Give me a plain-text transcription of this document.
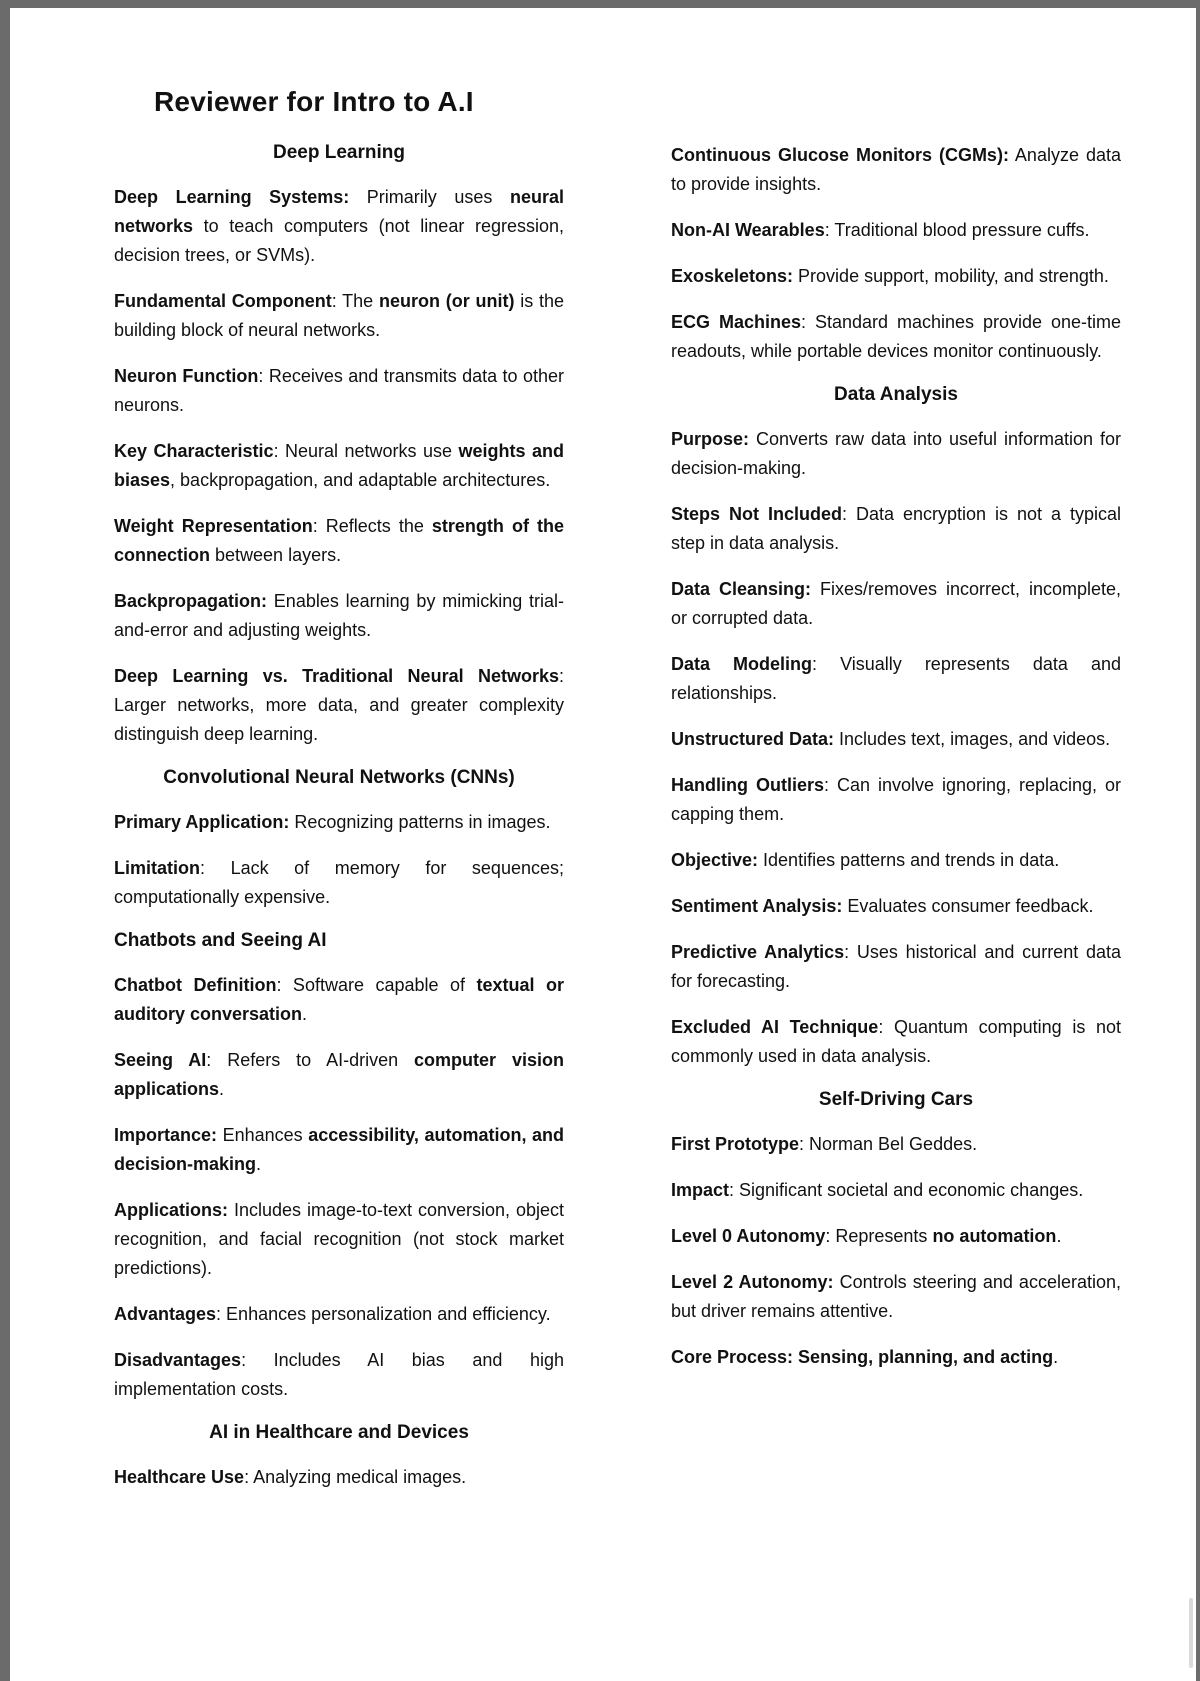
Reviewer for Intro to A.I
Deep Learning

Deep Learning Systems: Primarily uses neural networks to teach computers (not linear regression, decision trees, or SVMs).

Fundamental Component: The neuron (or unit) is the building block of neural networks.

Neuron Function: Receives and transmits data to other neurons.

Key Characteristic: Neural networks use weights and biases, backpropagation, and adaptable architectures.

Weight Representation: Reflects the strength of the connection between layers.

Backpropagation: Enables learning by mimicking trial-and-error and adjusting weights.

Deep Learning vs. Traditional Neural Networks: Larger networks, more data, and greater complexity distinguish deep learning.

Convolutional Neural Networks (CNNs)

Primary Application: Recognizing patterns in images.

Limitation: Lack of memory for sequences; computationally expensive.

Chatbots and Seeing AI

Chatbot Definition: Software capable of textual or auditory conversation.

Seeing AI: Refers to AI-driven computer vision applications.

Importance: Enhances accessibility, automation, and decision-making.

Applications: Includes image-to-text conversion, object recognition, and facial recognition (not stock market predictions).

Advantages: Enhances personalization and efficiency.

Disadvantages: Includes AI bias and high implementation costs.

AI in Healthcare and Devices

Healthcare Use: Analyzing medical images.

Continuous Glucose Monitors (CGMs): Analyze data to provide insights.

Non-AI Wearables: Traditional blood pressure cuffs.

Exoskeletons: Provide support, mobility, and strength.

ECG Machines: Standard machines provide one-time readouts, while portable devices monitor continuously.

Data Analysis

Purpose: Converts raw data into useful information for decision-making.

Steps Not Included: Data encryption is not a typical step in data analysis.

Data Cleansing: Fixes/removes incorrect, incomplete, or corrupted data.

Data Modeling: Visually represents data and relationships.

Unstructured Data: Includes text, images, and videos.

Handling Outliers: Can involve ignoring, replacing, or capping them.

Objective: Identifies patterns and trends in data.

Sentiment Analysis: Evaluates consumer feedback.

Predictive Analytics: Uses historical and current data for forecasting.

Excluded AI Technique: Quantum computing is not commonly used in data analysis.

Self-Driving Cars

First Prototype: Norman Bel Geddes.

Impact: Significant societal and economic changes.

Level 0 Autonomy: Represents no automation.

Level 2 Autonomy: Controls steering and acceleration, but driver remains attentive.

Core Process: Sensing, planning, and acting.
